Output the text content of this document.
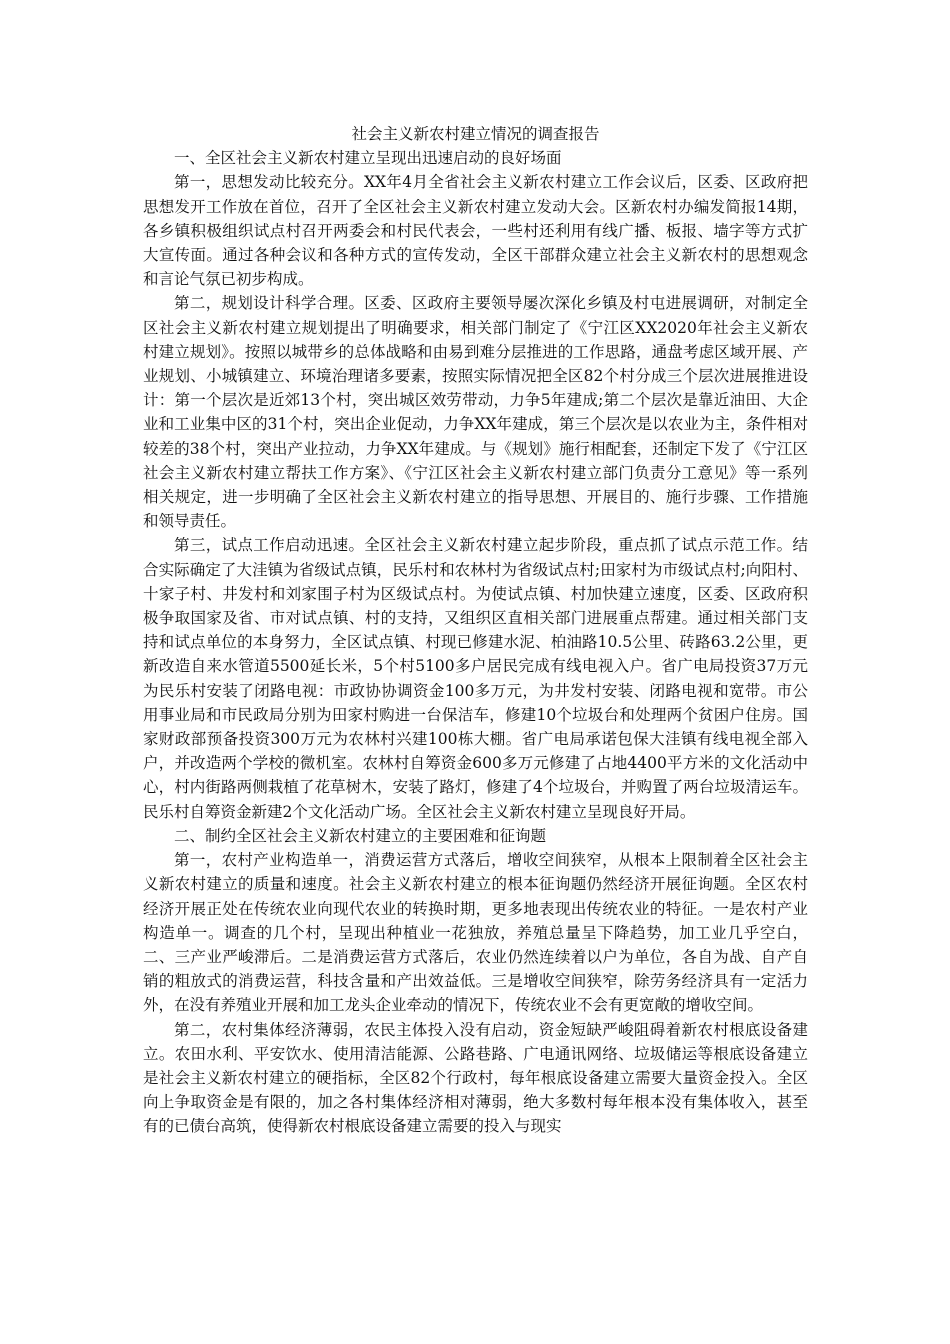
社会主义新农村建立情况的调查报告
一、全区社会主义新农村建立呈现出迅速启动的良好场面

第一，思想发动比较充分。XX年4月全省社会主义新农村建立工作会议后，区委、区政府把思想发开工作放在首位，召开了全区社会主义新农村建立发动大会。区新农村办编发简报14期，各乡镇积极组织试点村召开两委会和村民代表会，一些村还利用有线广播、板报、墙字等方式扩大宣传面。通过各种会议和各种方式的宣传发动，全区干部群众建立社会主义新农村的思想观念和言论气氛已初步构成。

第二，规划设计科学合理。区委、区政府主要领导屡次深化乡镇及村屯进展调研，对制定全区社会主义新农村建立规划提出了明确要求，相关部门制定了《宁江区XX2020年社会主义新农村建立规划》。按照以城带乡的总体战略和由易到难分层推进的工作思路，通盘考虑区域开展、产业规划、小城镇建立、环境治理诸多要素，按照实际情况把全区82个村分成三个层次进展推进设计：第一个层次是近郊13个村，突出城区效劳带动，力争5年建成;第二个层次是靠近油田、大企业和工业集中区的31个村，突出企业促动，力争XX年建成，第三个层次是以农业为主，条件相对较差的38个村，突出产业拉动，力争XX年建成。与《规划》施行相配套，还制定下发了《宁江区社会主义新农村建立帮扶工作方案》、《宁江区社会主义新农村建立部门负责分工意见》等一系列相关规定，进一步明确了全区社会主义新农村建立的指导思想、开展目的、施行步骤、工作措施和领导责任。

第三，试点工作启动迅速。全区社会主义新农村建立起步阶段，重点抓了试点示范工作。结合实际确定了大洼镇为省级试点镇，民乐村和农林村为省级试点村;田家村为市级试点村;向阳村、十家子村、井发村和刘家围子村为区级试点村。为使试点镇、村加快建立速度，区委、区政府积极争取国家及省、市对试点镇、村的支持，又组织区直相关部门进展重点帮建。通过相关部门支持和试点单位的本身努力，全区试点镇、村现已修建水泥、柏油路10.5公里、砖路63.2公里，更新改造自来水管道5500延长米，5个村5100多户居民完成有线电视入户。省广电局投资37万元为民乐村安装了闭路电视：市政协协调资金100多万元，为井发村安装、闭路电视和宽带。市公用事业局和市民政局分别为田家村购进一台保洁车，修建10个垃圾台和处理两个贫困户住房。国家财政部预备投资300万元为农林村兴建100栋大棚。省广电局承诺包保大洼镇有线电视全部入户，并改造两个学校的微机室。农林村自筹资金600多万元修建了占地4400平方米的文化活动中心，村内街路两侧栽植了花草树木，安装了路灯，修建了4个垃圾台，并购置了两台垃圾清运车。民乐村自筹资金新建2个文化活动广场。全区社会主义新农村建立呈现良好开局。

二、制约全区社会主义新农村建立的主要困难和征询题

第一，农村产业构造单一，消费运营方式落后，增收空间狭窄，从根本上限制着全区社会主义新农村建立的质量和速度。社会主义新农村建立的根本征询题仍然经济开展征询题。全区农村经济开展正处在传统农业向现代农业的转换时期，更多地表现出传统农业的特征。一是农村产业构造单一。调查的几个村，呈现出种植业一花独放，养殖总量呈下降趋势，加工业几乎空白，二、三产业严峻滞后。二是消费运营方式落后，农业仍然连续着以户为单位，各自为战、自产自销的粗放式的消费运营，科技含量和产出效益低。三是增收空间狭窄，除劳务经济具有一定活力外，在没有养殖业开展和加工龙头企业牵动的情况下，传统农业不会有更宽敞的增收空间。

第二，农村集体经济薄弱，农民主体投入没有启动，资金短缺严峻阻碍着新农村根底设备建立。农田水利、平安饮水、使用清洁能源、公路巷路、广电通讯网络、垃圾储运等根底设备建立是社会主义新农村建立的硬指标，全区82个行政村，每年根底设备建立需要大量资金投入。全区向上争取资金是有限的，加之各村集体经济相对薄弱，绝大多数村每年根本没有集体收入，甚至有的已债台高筑，使得新农村根底设备建立需要的投入与现实
